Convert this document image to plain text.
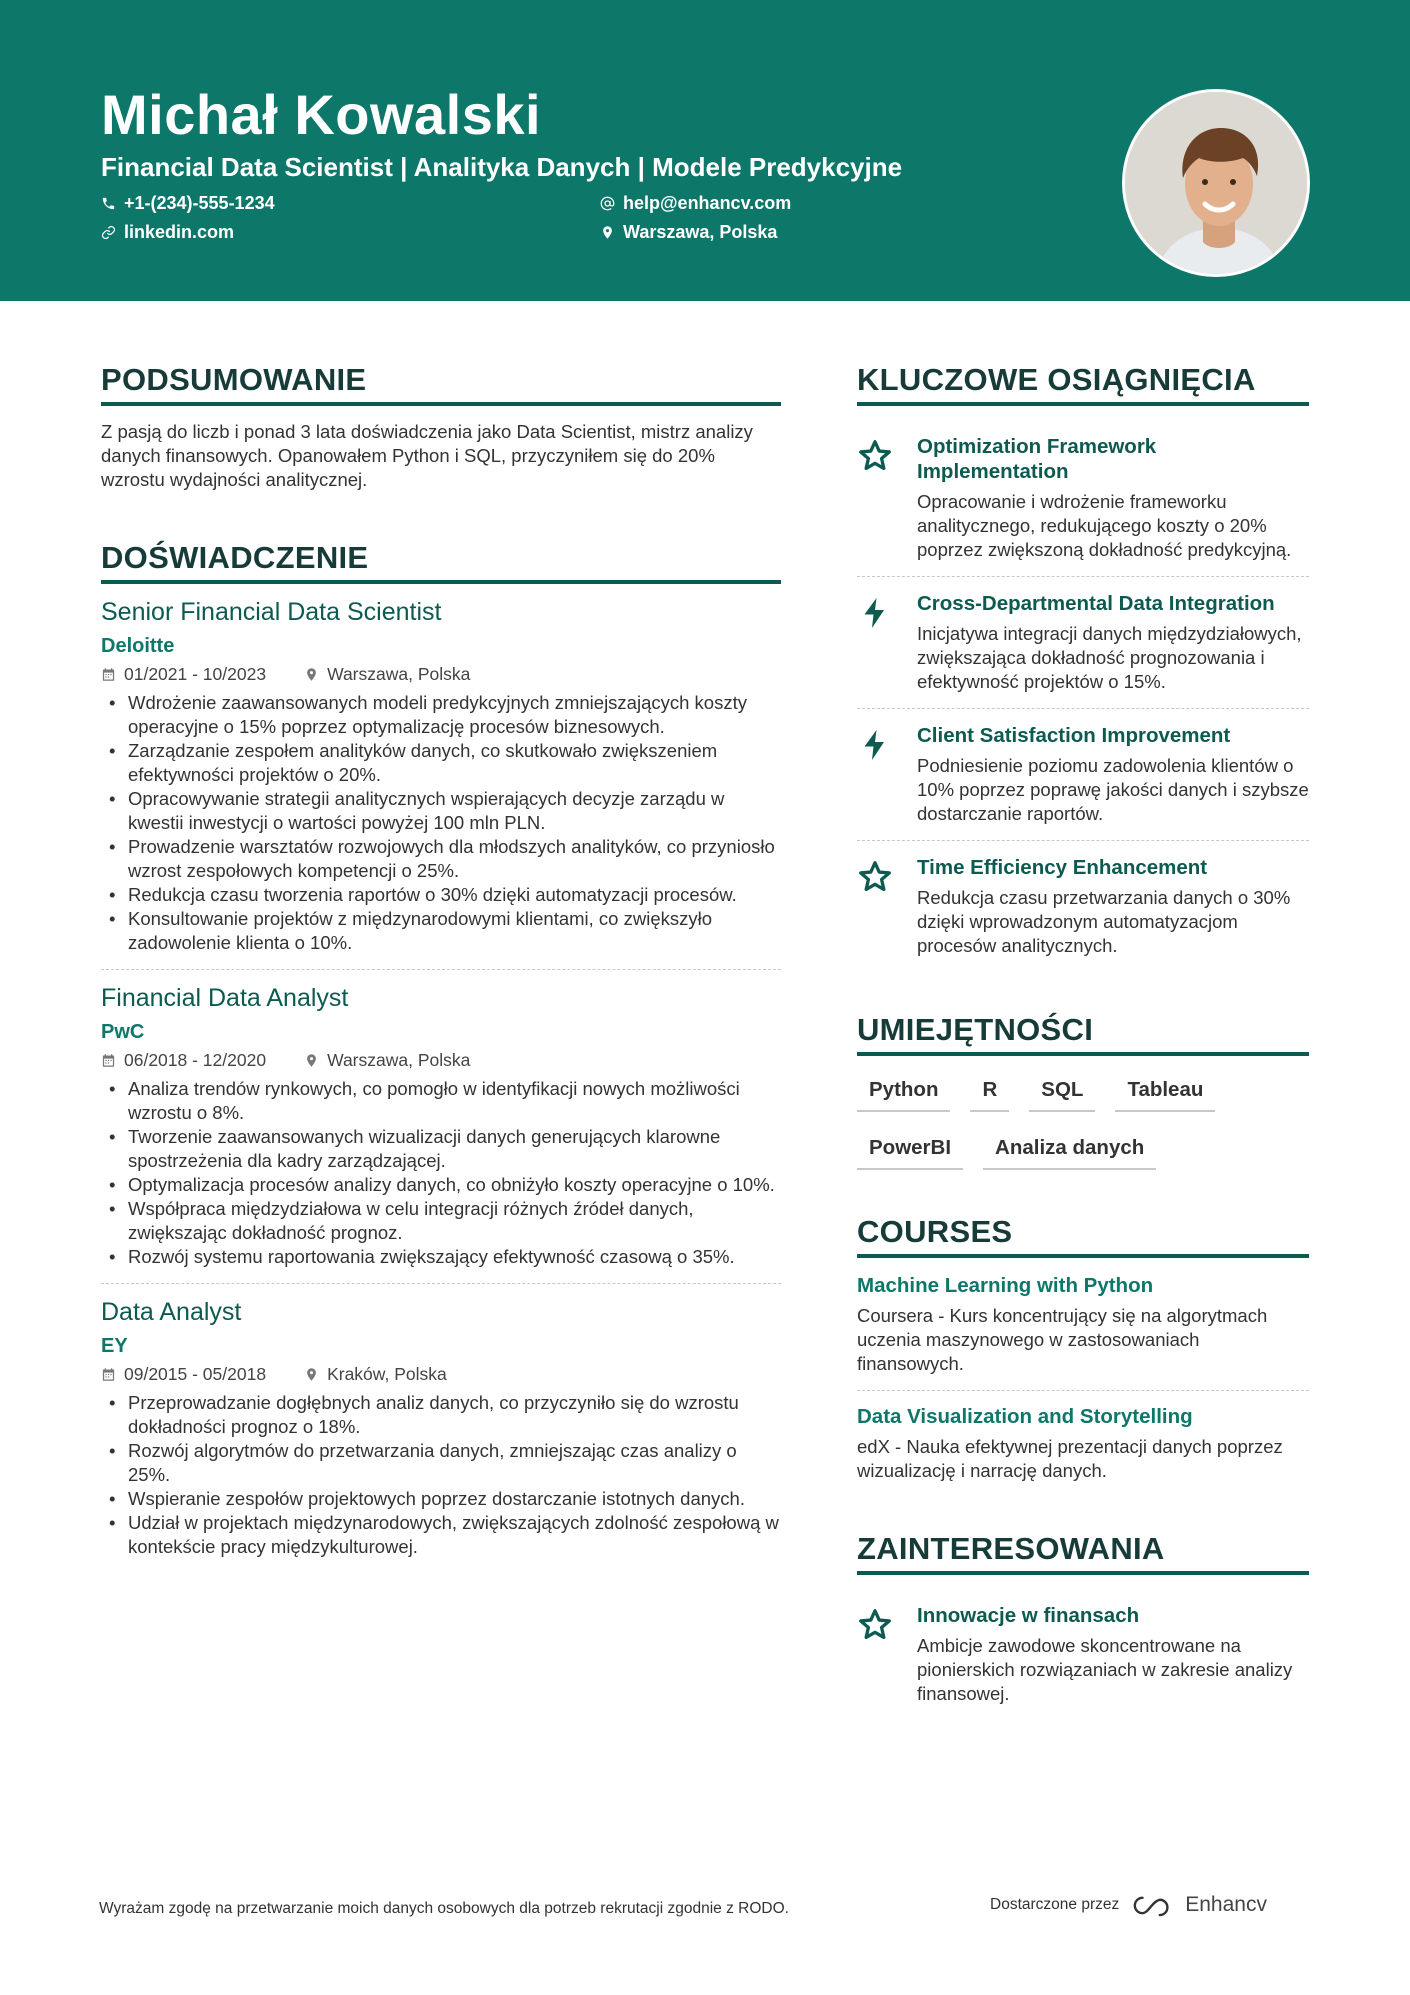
Michał Kowalski
Financial Data Scientist | Analityka Danych | Modele Predykcyjne
+1-(234)-555-1234	help@enhancv.com
linkedin.com	Warszawa, Polska
PODSUMOWANIE
Z pasją do liczb i ponad 3 lata doświadczenia jako Data Scientist, mistrz analizy danych finansowych. Opanowałem Python i SQL, przyczyniłem się do 20% wzrostu wydajności analitycznej.
DOŚWIADCZENIE
Senior Financial Data Scientist
Deloitte
01/2021 - 10/2023	Warszawa, Polska
• Wdrożenie zaawansowanych modeli predykcyjnych zmniejszających koszty operacyjne o 15% poprzez optymalizację procesów biznesowych.
• Zarządzanie zespołem analityków danych, co skutkowało zwiększeniem efektywności projektów o 20%.
• Opracowywanie strategii analitycznych wspierających decyzje zarządu w kwestii inwestycji o wartości powyżej 100 mln PLN.
• Prowadzenie warsztatów rozwojowych dla młodszych analityków, co przyniosło wzrost zespołowych kompetencji o 25%.
• Redukcja czasu tworzenia raportów o 30% dzięki automatyzacji procesów.
• Konsultowanie projektów z międzynarodowymi klientami, co zwiększyło zadowolenie klienta o 10%.
Financial Data Analyst
PwC
06/2018 - 12/2020	Warszawa, Polska
• Analiza trendów rynkowych, co pomogło w identyfikacji nowych możliwości wzrostu o 8%.
• Tworzenie zaawansowanych wizualizacji danych generujących klarowne spostrzeżenia dla kadry zarządzającej.
• Optymalizacja procesów analizy danych, co obniżyło koszty operacyjne o 10%.
• Współpraca międzydziałowa w celu integracji różnych źródeł danych, zwiększając dokładność prognoz.
• Rozwój systemu raportowania zwiększający efektywność czasową o 35%.
Data Analyst
EY
09/2015 - 05/2018	Kraków, Polska
• Przeprowadzanie dogłębnych analiz danych, co przyczyniło się do wzrostu dokładności prognoz o 18%.
• Rozwój algorytmów do przetwarzania danych, zmniejszając czas analizy o 25%.
• Wspieranie zespołów projektowych poprzez dostarczanie istotnych danych.
• Udział w projektach międzynarodowych, zwiększających zdolność zespołową w kontekście pracy międzykulturowej.
KLUCZOWE OSIĄGNIĘCIA
Optimization Framework Implementation
Opracowanie i wdrożenie frameworku analitycznego, redukującego koszty o 20% poprzez zwiększoną dokładność predykcyjną.
Cross-Departmental Data Integration
Inicjatywa integracji danych międzydziałowych, zwiększająca dokładność prognozowania i efektywność projektów o 15%.
Client Satisfaction Improvement
Podniesienie poziomu zadowolenia klientów o 10% poprzez poprawę jakości danych i szybsze dostarczanie raportów.
Time Efficiency Enhancement
Redukcja czasu przetwarzania danych o 30% dzięki wprowadzonym automatyzacjom procesów analitycznych.
UMIEJĘTNOŚCI
Python	R	SQL	Tableau
PowerBI	Analiza danych
COURSES
Machine Learning with Python
Coursera - Kurs koncentrujący się na algorytmach uczenia maszynowego w zastosowaniach finansowych.
Data Visualization and Storytelling
edX - Nauka efektywnej prezentacji danych poprzez wizualizację i narrację danych.
ZAINTERESOWANIA
Innowacje w finansach
Ambicje zawodowe skoncentrowane na pionierskich rozwiązaniach w zakresie analizy finansowej.
Wyrażam zgodę na przetwarzanie moich danych osobowych dla potrzeb rekrutacji zgodnie z RODO.	Dostarczone przez	Enhancv
